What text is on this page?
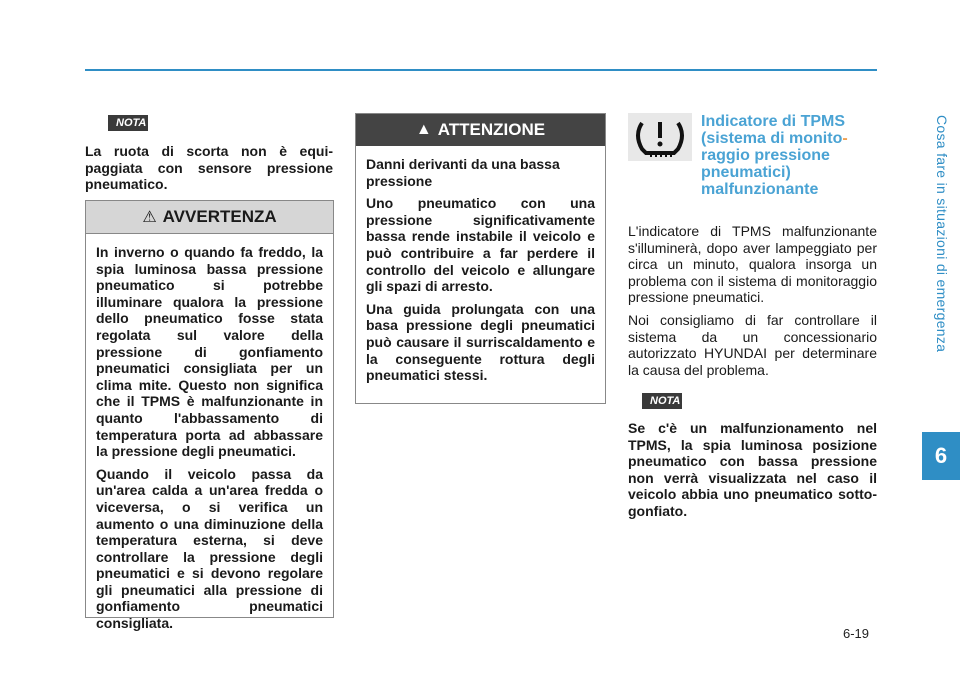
Cosa fare in situazioni di emergenza
6
6-19
NOTA

La ruota di scorta non è equi-paggiata con sensore pressione pneumatico.

⚠ AVVERTENZA

In inverno o quando fa freddo, la spia luminosa bassa pressione pneumatico si potrebbe illuminare qualora la pressione dello pneumatico fosse stata regolata sul valore della pressione di gonfiamento pneumatici consigliata per un clima mite. Questo non significa che il TPMS è malfunzionante in quanto l'abbassamento di temperatura porta ad abbassare la pressione degli pneumatici.

Quando il veicolo passa da un'area calda a un'area fredda o viceversa, o si verifica un aumento o una diminuzione della temperatura esterna, si deve controllare la pressione degli pneumatici e si devono regolare gli pneumatici alla pressione di gonfiamento pneumatici consigliata.

▲ ATTENZIONE

Danni derivanti da una bassa pressione

Uno pneumatico con una pressione significativamente bassa rende instabile il veicolo e può contribuire a far perdere il controllo del veicolo e allungare gli spazi di arresto.

Una guida prolungata con una basa pressione degli pneumatici può causare il surriscaldamento e la conseguente rottura degli pneumatici stessi.

Indicatore di TPMS
(sistema di monito-
raggio pressione
pneumatici)
malfunzionante

L'indicatore di TPMS malfunzionante s'illuminerà, dopo aver lampeggiato per circa un minuto, qualora insorga un problema con il sistema di monitoraggio pressione pneumatici.

Noi consigliamo di far controllare il sistema da un concessionario autorizzato HYUNDAI per determinare la causa del problema.

NOTA

Se c'è un malfunzionamento nel TPMS, la spia luminosa posizione pneumatico con bassa pressione non verrà visualizzata nel caso il veicolo abbia uno pneumatico sotto-gonfiato.
